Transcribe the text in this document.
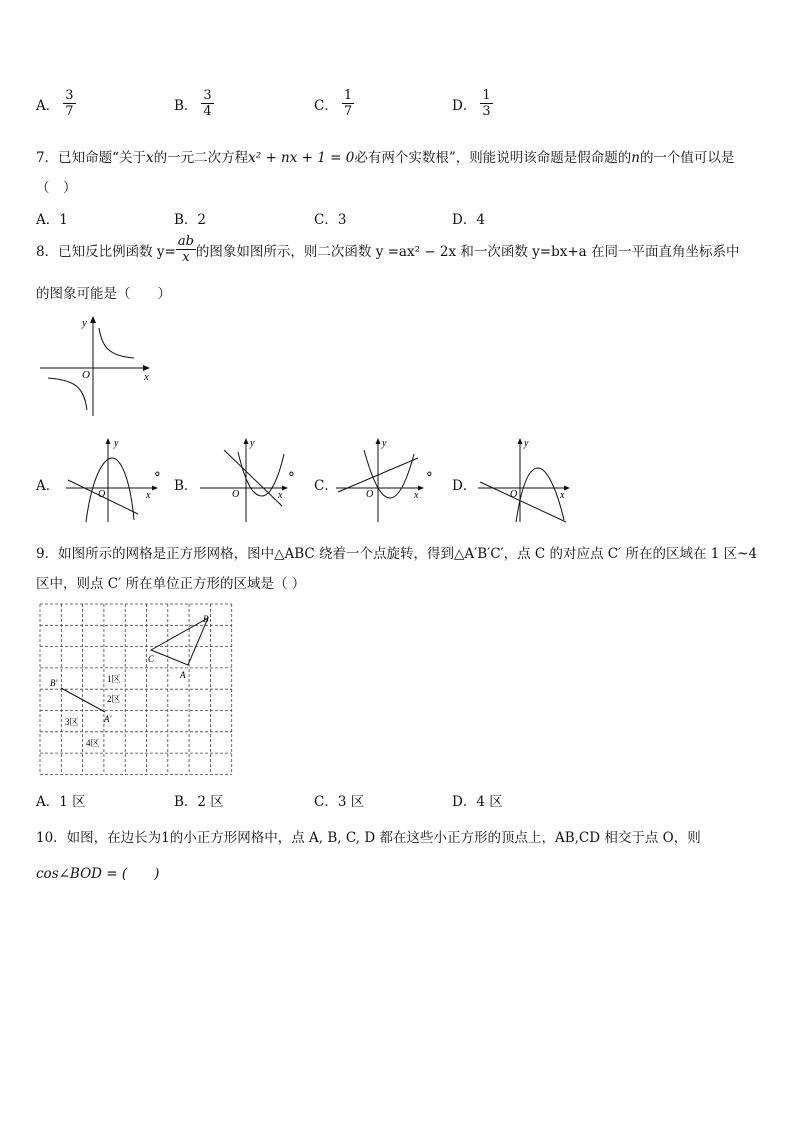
A． $\frac{3}{7}$	B． $\frac{3}{4}$	C． $\frac{1}{7}$	D． $\frac{1}{3}$
7．已知命题“关于x的一元二次方程x² + nx + 1 = 0必有两个实数根”，则能说明该命题是假命题的n的一个值可以是
（　）
A．1	B．2	C．3	D．4
8．已知反比例函数 $y= \frac{ab}{x}$ 的图象如图所示，则二次函数 y =ax² − 2x 和一次函数 y=bx+a 在同一平面直角坐标系中
的图象可能是（　　）
y
x
O
A．
y
x
O
° B．
y
x
O
° C．
y
x
O
° D．
y
x
O
9．如图所示的网格是正方形网格，图中△ABC 绕着一个点旋转，得到△A′B′C′，点 C 的对应点 C′ 所在的区域在 1 区~4
区中，则点 C′ 所在单位正方形的区域是（ ）
B
C
A
B′
A′
1区
2区
3区
4区
A．1 区	B．2 区	C．3 区	D．4 区
10．如图，在边长为1的小正方形网格中，点 A, B, C, D 都在这些小正方形的顶点上，AB,CD 相交于点 O，则
cos∠BOD = (　　)
